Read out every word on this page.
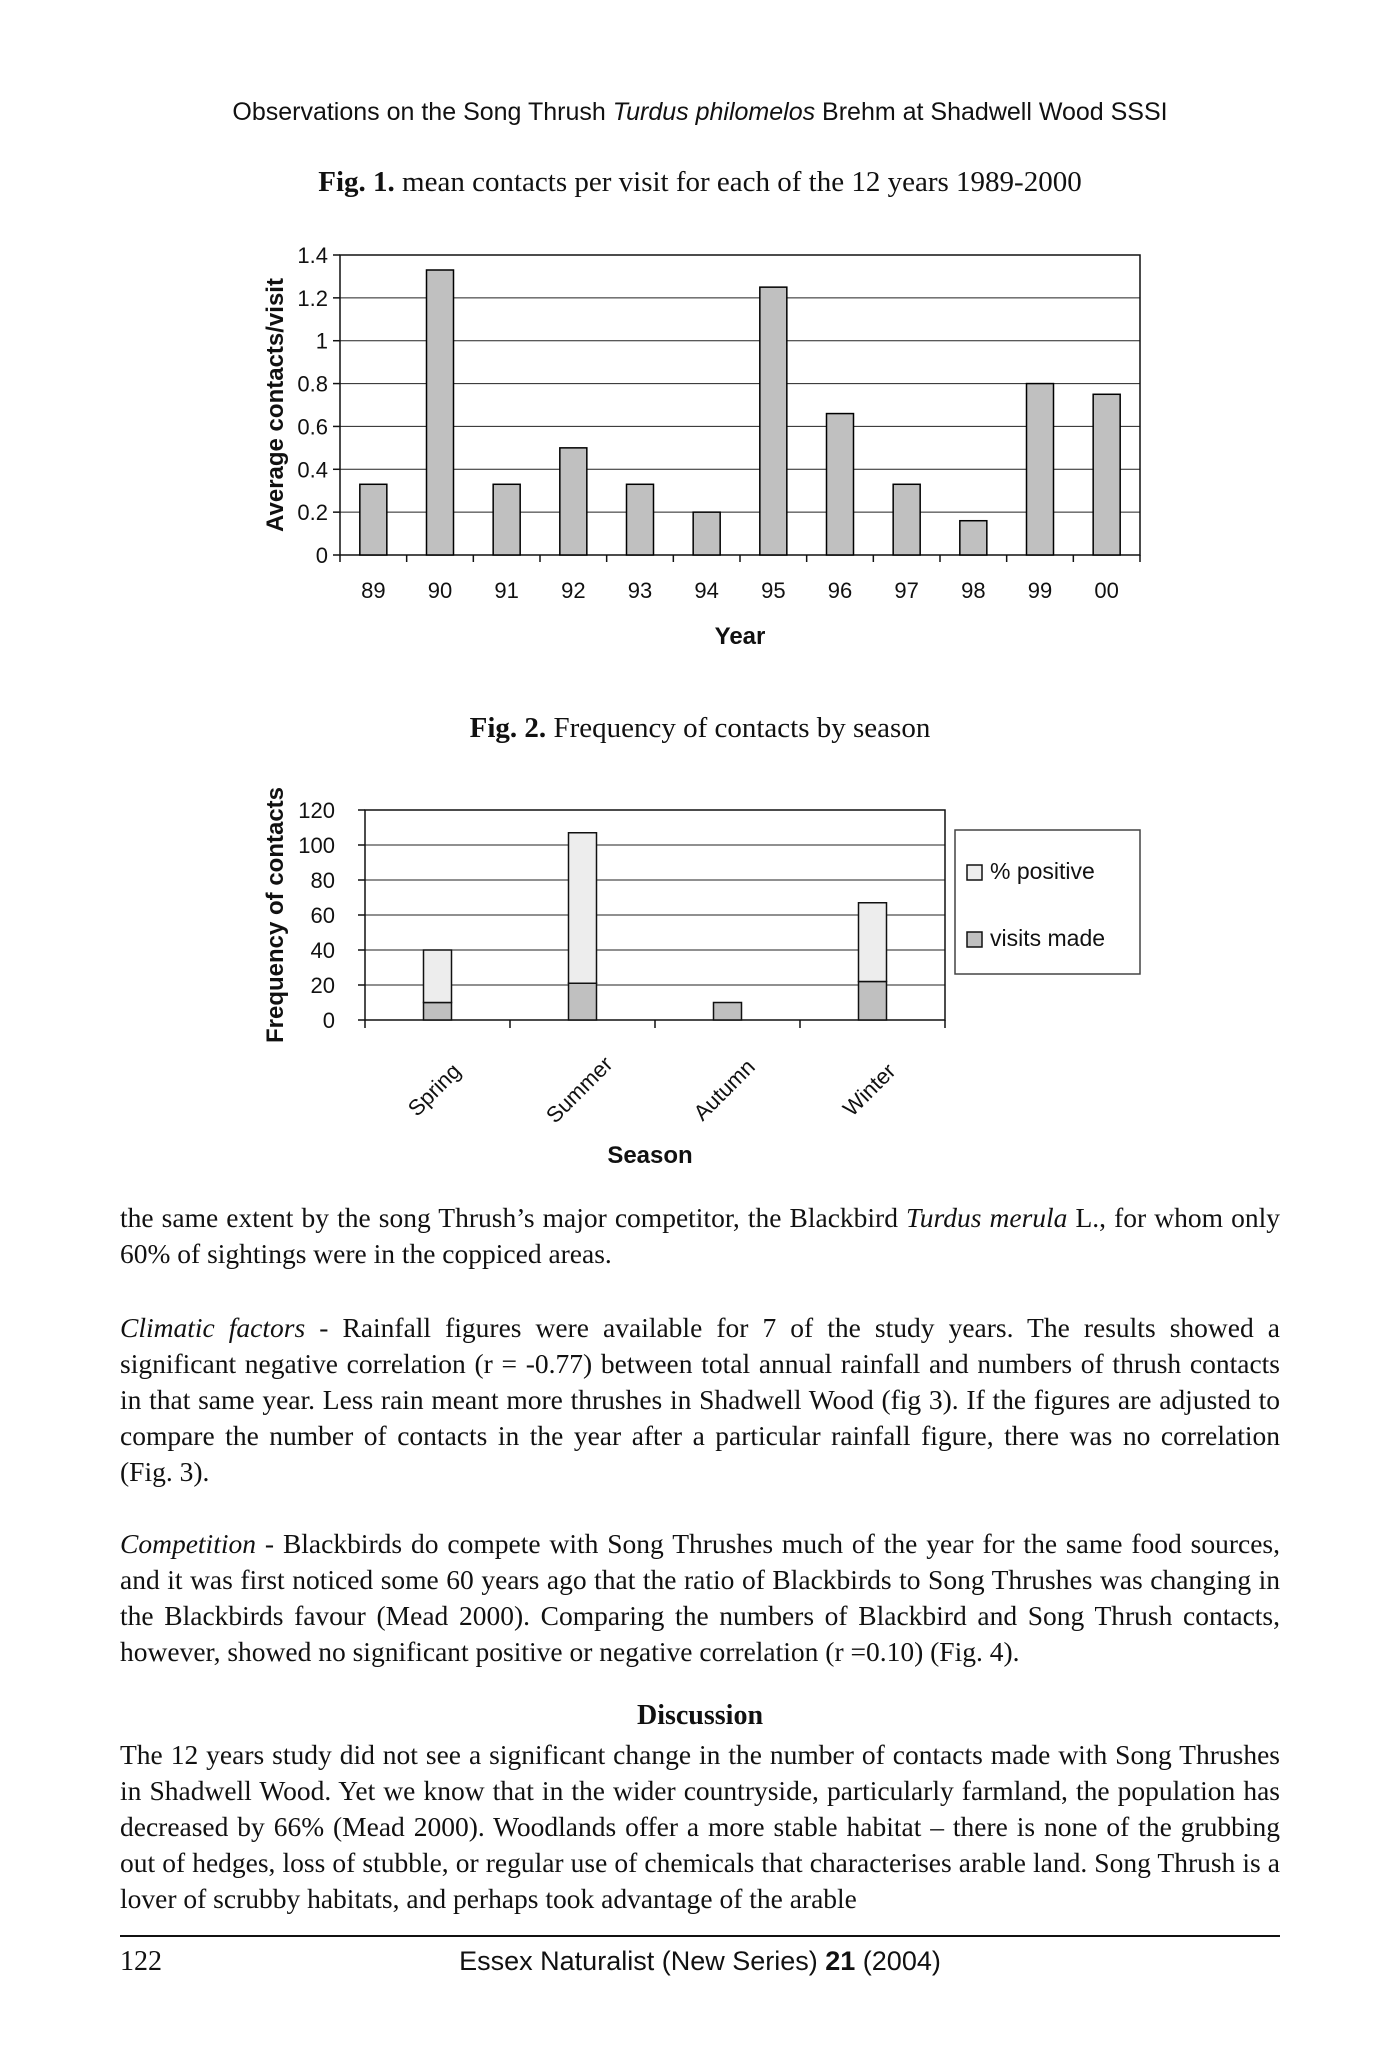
Observations on the Song Thrush Turdus philomelos Brehm at Shadwell Wood SSSI
Fig. 1. mean contacts per visit for each of the 12 years 1989-2000
0
0.2
0.4
0.6
0.8
1
1.2
1.4
89 90 91 92 93 94 95 96 97 98 99 00
Average contacts/visit
Year
Fig. 2. Frequency of contacts by season
0
20
40
60
80
100
120
Spring	Summer	Autumn	Winter
Frequency of contacts
Season
% positive
visits made

the same extent by the song Thrush’s major competitor, the Blackbird Turdus merula L., for whom only 60% of sightings were in the coppiced areas.

Climatic factors - Rainfall figures were available for 7 of the study years. The results showed a significant negative correlation (r = -0.77) between total annual rainfall and numbers of thrush contacts in that same year. Less rain meant more thrushes in Shadwell Wood (fig 3). If the figures are adjusted to compare the number of contacts in the year after a particular rainfall figure, there was no correlation (Fig. 3).

Competition - Blackbirds do compete with Song Thrushes much of the year for the same food sources, and it was first noticed some 60 years ago that the ratio of Blackbirds to Song Thrushes was changing in the Blackbirds favour (Mead 2000). Comparing the numbers of Blackbird and Song Thrush contacts, however, showed no significant positive or negative correlation (r =0.10) (Fig. 4).

Discussion

The 12 years study did not see a significant change in the number of contacts made with Song Thrushes in Shadwell Wood. Yet we know that in the wider countryside, particularly farmland, the population has decreased by 66% (Mead 2000). Woodlands offer a more stable habitat – there is none of the grubbing out of hedges, loss of stubble, or regular use of chemicals that characterises arable land. Song Thrush is a lover of scrubby habitats, and perhaps took advantage of the arable

122	Essex Naturalist (New Series) 21 (2004)
